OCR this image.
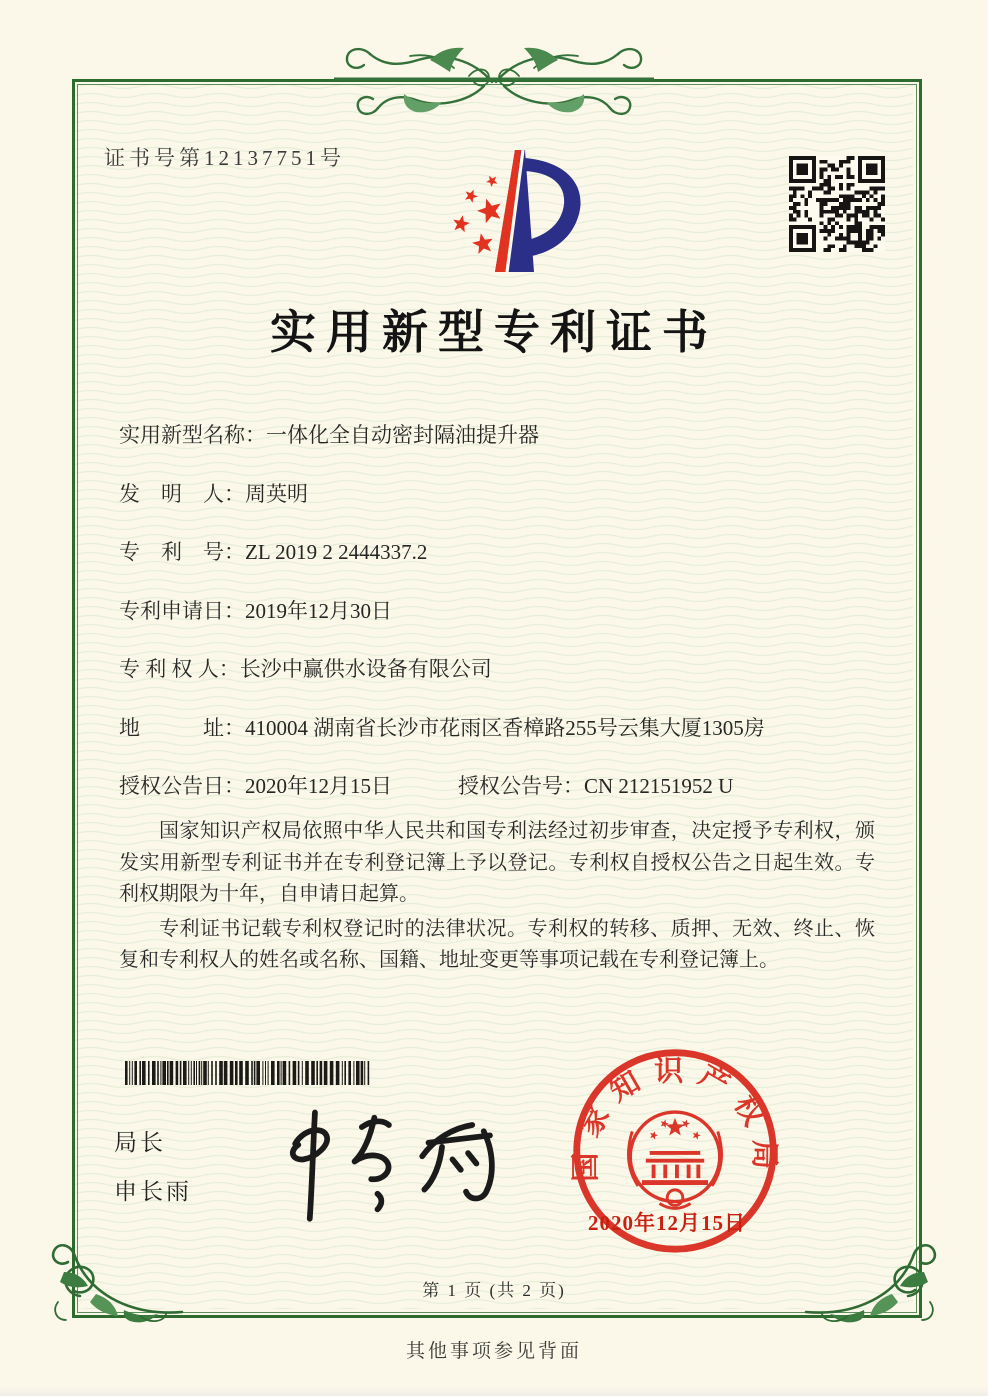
证书号第12137751号
实用新型专利证书
实用新型名称：一体化全自动密封隔油提升器
发　明　人：周英明
专　利　号：ZL 2019 2 2444337.2
专利申请日：2019年12月30日
专 利 权 人：长沙中赢供水设备有限公司
地　　　址：410004 湖南省长沙市花雨区香樟路255号云集大厦1305房
授权公告日：2020年12月15日	授权公告号：CN 212151952 U

国家知识产权局依照中华人民共和国专利法经过初步审查，决定授予专利权，颁发实用新型专利证书并在专利登记簿上予以登记。专利权自授权公告之日起生效。专利权期限为十年，自申请日起算。

专利证书记载专利权登记时的法律状况。专利权的转移、质押、无效、终止、恢复和专利权人的姓名或名称、国籍、地址变更等事项记载在专利登记簿上。

局长
申长雨
国家知识产权局
2020年12月15日
第 1 页 (共 2 页)
其他事项参见背面
